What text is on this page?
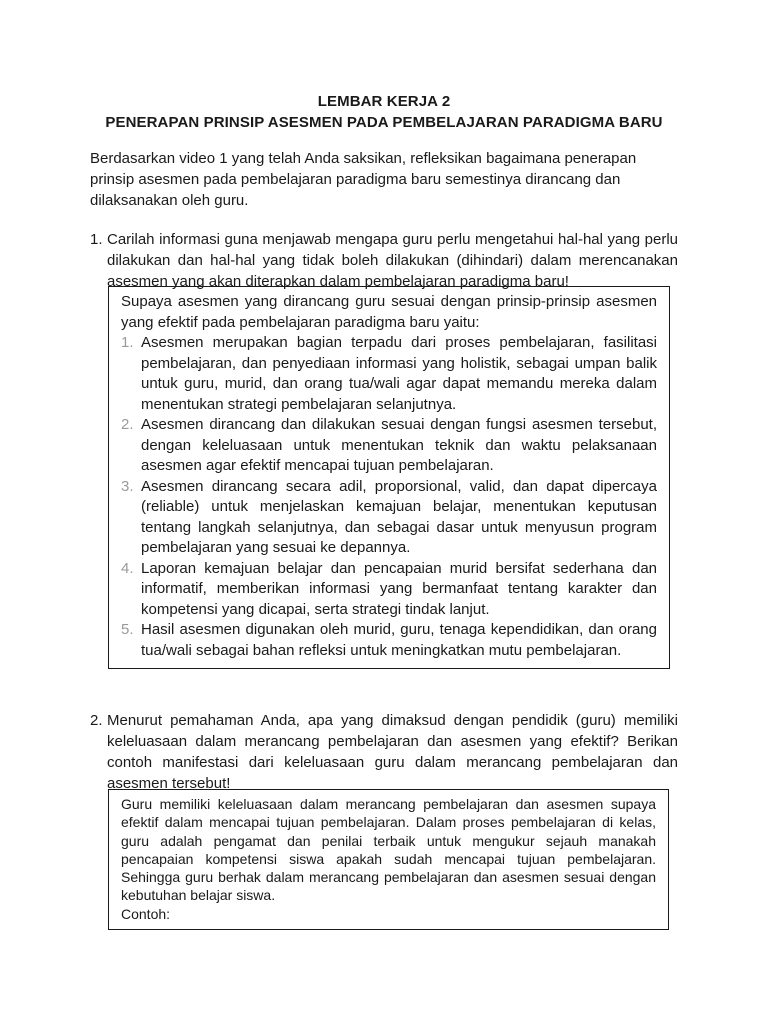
LEMBAR KERJA 2
PENERAPAN PRINSIP ASESMEN PADA PEMBELAJARAN PARADIGMA BARU

Berdasarkan video 1 yang telah Anda saksikan, refleksikan bagaimana penerapan prinsip asesmen pada pembelajaran paradigma baru semestinya dirancang dan dilaksanakan oleh guru.

1. Carilah informasi guna menjawab mengapa guru perlu mengetahui hal-hal yang perlu dilakukan dan hal-hal yang tidak boleh dilakukan (dihindari) dalam merencanakan asesmen yang akan diterapkan dalam pembelajaran paradigma baru!

Supaya asesmen yang dirancang guru sesuai dengan prinsip-prinsip asesmen yang efektif pada pembelajaran paradigma baru yaitu:

1. Asesmen merupakan bagian terpadu dari proses pembelajaran, fasilitasi pembelajaran, dan penyediaan informasi yang holistik, sebagai umpan balik untuk guru, murid, dan orang tua/wali agar dapat memandu mereka dalam menentukan strategi pembelajaran selanjutnya.
2. Asesmen dirancang dan dilakukan sesuai dengan fungsi asesmen tersebut, dengan keleluasaan untuk menentukan teknik dan waktu pelaksanaan asesmen agar efektif mencapai tujuan pembelajaran.
3. Asesmen dirancang secara adil, proporsional, valid, dan dapat dipercaya (reliable) untuk menjelaskan kemajuan belajar, menentukan keputusan tentang langkah selanjutnya, dan sebagai dasar untuk menyusun program pembelajaran yang sesuai ke depannya.
4. Laporan kemajuan belajar dan pencapaian murid bersifat sederhana dan informatif, memberikan informasi yang bermanfaat tentang karakter dan kompetensi yang dicapai, serta strategi tindak lanjut.
5. Hasil asesmen digunakan oleh murid, guru, tenaga kependidikan, dan orang tua/wali sebagai bahan refleksi untuk meningkatkan mutu pembelajaran.
2. Menurut pemahaman Anda, apa yang dimaksud dengan pendidik (guru) memiliki keleluasaan dalam merancang pembelajaran dan asesmen yang efektif? Berikan contoh manifestasi dari keleluasaan guru dalam merancang pembelajaran dan asesmen tersebut!

Guru memiliki keleluasaan dalam merancang pembelajaran dan asesmen supaya efektif dalam mencapai tujuan pembelajaran. Dalam proses pembelajaran di kelas, guru adalah pengamat dan penilai terbaik untuk mengukur sejauh manakah pencapaian kompetensi siswa apakah sudah mencapai tujuan pembelajaran. Sehingga guru berhak dalam merancang pembelajaran dan asesmen sesuai dengan kebutuhan belajar siswa.

Contoh:
